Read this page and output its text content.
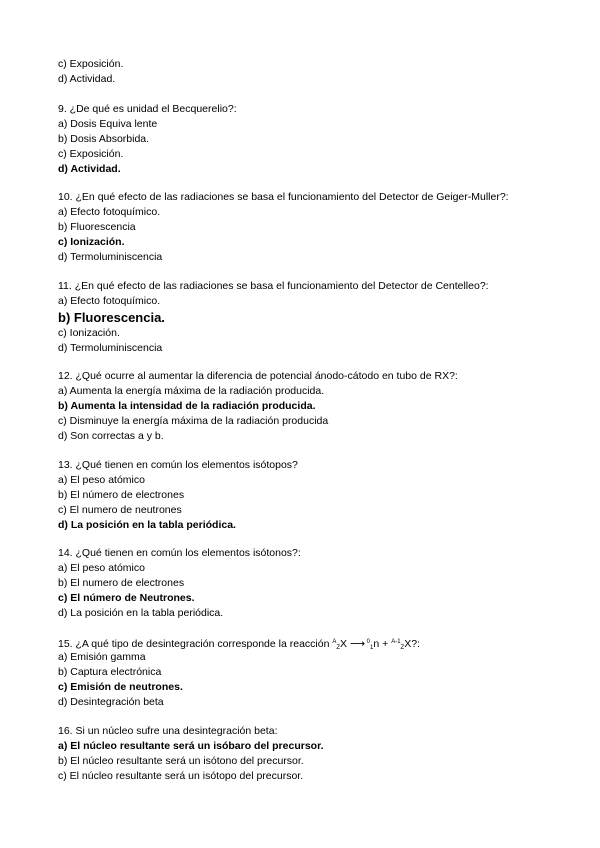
c) Exposición.
d) Actividad.
9. ¿De qué es unidad el Becquerelio?:
a) Dosis Equiva lente
b) Dosis Absorbida.
c) Exposición.
d) Actividad.
10. ¿En qué efecto de las radiaciones se basa el funcionamiento del Detector de Geiger-Muller?:
a) Efecto fotoquímico.
b) Fluorescencia
c) Ionización.
d) Termoluminiscencia
11. ¿En qué efecto de las radiaciones se basa el funcionamiento del Detector de Centelleo?:
a) Efecto fotoquímico.
b) Fluorescencia.
c) Ionización.
d) Termoluminiscencia
12. ¿Qué ocurre al aumentar la diferencia de potencial ánodo-cátodo en tubo de RX?:
a) Aumenta la energía máxima de la radiación producida.
b) Aumenta la intensidad de la radiación producida.
c) Disminuye la energía máxima de la radiación producida
d) Son correctas a y b.
13. ¿Qué tienen en común los elementos isótopos?
a) El peso atómico
b) El número de electrones
c) El numero de neutrones
d) La posición en la tabla periódica.
14. ¿Qué tienen en común los elementos isótonos?:
a) El peso atómico
b) El numero de electrones
c) El número de Neutrones.
d) La posición en la tabla periódica.
15. ¿A qué tipo de desintegración corresponde la reacción $^A_Z$X ⟶ $^0_1$n + $^{A-1}_Z$X?:
a) Emisión gamma
b) Captura electrónica
c) Emisión de neutrones.
d) Desintegración beta
16. Si un núcleo sufre una desintegración beta:
a) El núcleo resultante será un isóbaro del precursor.
b) El núcleo resultante será un isótono del precursor.
c) El núcleo resultante será un isótopo del precursor.
